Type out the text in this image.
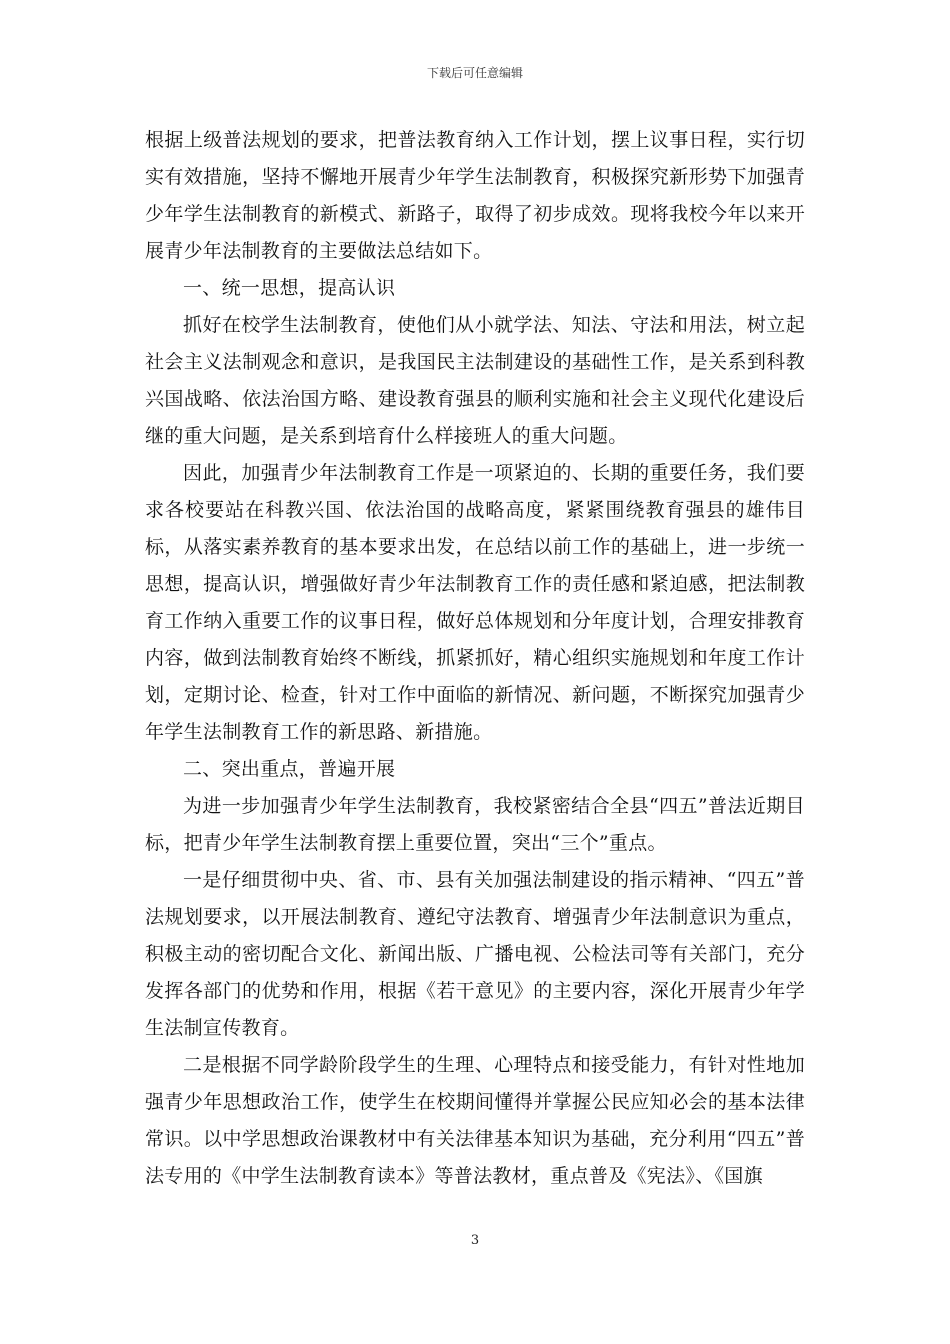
下载后可任意编辑

根据上级普法规划的要求，把普法教育纳入工作计划，摆上议事日程，实行切实有效措施，坚持不懈地开展青少年学生法制教育，积极探究新形势下加强青少年学生法制教育的新模式、新路子，取得了初步成效。现将我校今年以来开展青少年法制教育的主要做法总结如下。

一、统一思想，提高认识

抓好在校学生法制教育，使他们从小就学法、知法、守法和用法，树立起社会主义法制观念和意识，是我国民主法制建设的基础性工作，是关系到科教兴国战略、依法治国方略、建设教育强县的顺利实施和社会主义现代化建设后继的重大问题，是关系到培育什么样接班人的重大问题。

因此，加强青少年法制教育工作是一项紧迫的、长期的重要任务，我们要求各校要站在科教兴国、依法治国的战略高度，紧紧围绕教育强县的雄伟目标，从落实素养教育的基本要求出发，在总结以前工作的基础上，进一步统一思想，提高认识，增强做好青少年法制教育工作的责任感和紧迫感，把法制教育工作纳入重要工作的议事日程，做好总体规划和分年度计划，合理安排教育内容，做到法制教育始终不断线，抓紧抓好，精心组织实施规划和年度工作计划，定期讨论、检查，针对工作中面临的新情况、新问题，不断探究加强青少年学生法制教育工作的新思路、新措施。

二、突出重点，普遍开展

为进一步加强青少年学生法制教育，我校紧密结合全县“四五”普法近期目标，把青少年学生法制教育摆上重要位置，突出“三个”重点。

一是仔细贯彻中央、省、市、县有关加强法制建设的指示精神、“四五”普法规划要求，以开展法制教育、遵纪守法教育、增强青少年法制意识为重点，积极主动的密切配合文化、新闻出版、广播电视、公检法司等有关部门，充分发挥各部门的优势和作用，根据《若干意见》的主要内容，深化开展青少年学生法制宣传教育。

二是根据不同学龄阶段学生的生理、心理特点和接受能力，有针对性地加强青少年思想政治工作，使学生在校期间懂得并掌握公民应知必会的基本法律常识。以中学思想政治课教材中有关法律基本知识为基础，充分利用“四五”普法专用的《中学生法制教育读本》等普法教材，重点普及《宪法》、《国旗

3
